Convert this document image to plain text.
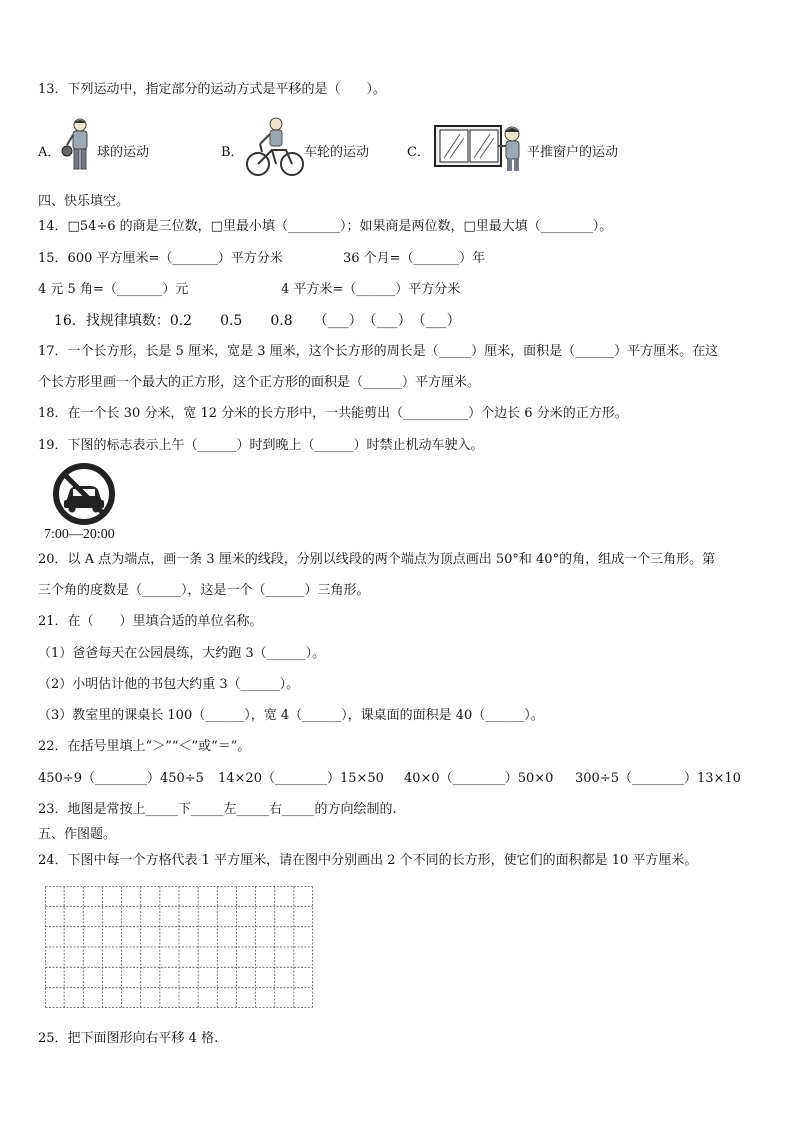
13．下列运动中，指定部分的运动方式是平移的是（　　）。
A．	球的运动	B．	车轮的运动	C．	平推窗户的运动
四、快乐填空。
14．□54÷6 的商是三位数，□里最小填（________）；如果商是两位数，□里最大填（________）。
15．600 平方厘米=（_______）平方分米	36 个月=（_______）年
4 元 5 角=（_______）元	4 平方米=（______）平方分米
16．找规律填数：0.2　　0.5　　0.8　　（___）　（___）　（___）
17．一个长方形，长是 5 厘米，宽是 3 厘米，这个长方形的周长是（_____）厘米，面积是（______）平方厘米。在这
个长方形里画一个最大的正方形，这个正方形的面积是（______）平方厘米。
18．在一个长 30 分米，宽 12 分米的长方形中，一共能剪出（__________）个边长 6 分米的正方形。
19．下图的标志表示上午（______）时到晚上（______）时禁止机动车驶入。
7:00—20:00
20．以 A 点为端点，画一条 3 厘米的线段，分别以线段的两个端点为顶点画出 50°和 40°的角，组成一个三角形。第
三个角的度数是（______），这是一个（______）三角形。
21．在（　　）里填合适的单位名称。
（1）爸爸每天在公园晨练，大约跑 3（______）。
（2）小明估计他的书包大约重 3（______）。
（3）教室里的课桌长 100（______），宽 4（______），课桌面的面积是 40（______）。
22．在括号里填上“＞”“＜”或“＝”。
450÷9（________）450÷5 14×20（________）15×50 40×0（________）50×0 300÷5（________）13×10
23．地图是常按上_____下_____左_____右_____的方向绘制的.
五、作图题。
24．下图中每一个方格代表 1 平方厘米，请在图中分别画出 2 个不同的长方形，使它们的面积都是 10 平方厘米。
25．把下面图形向右平移 4 格.
